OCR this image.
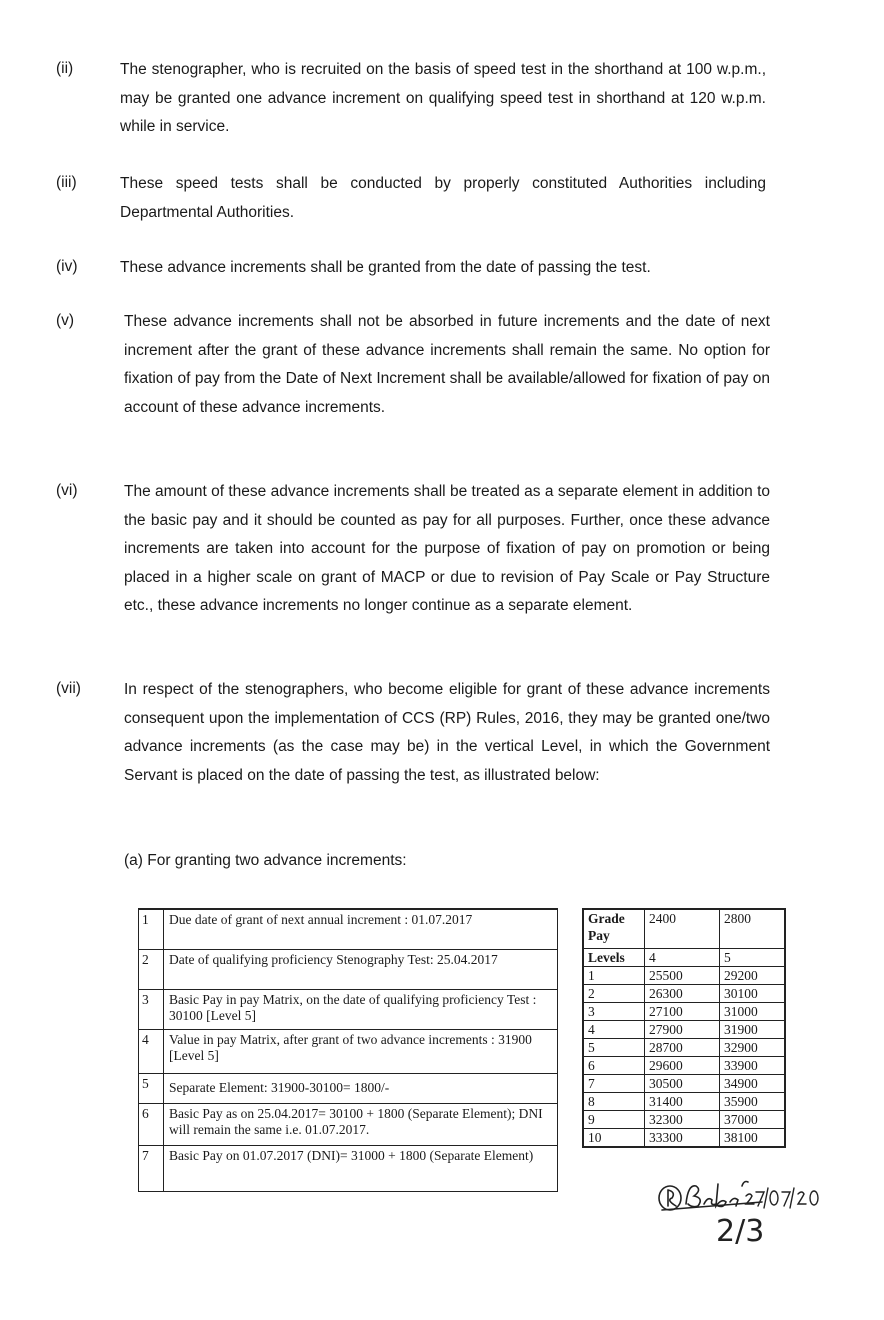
(ii)	The stenographer, who is recruited on the basis of speed test in the shorthand at 100 w.p.m., may be granted one advance increment on qualifying speed test in shorthand at 120 w.p.m. while in service.
(iii)	These speed tests shall be conducted by properly constituted Authorities including Departmental Authorities.
(iv)	These advance increments shall be granted from the date of passing the test.
(v)	These advance increments shall not be absorbed in future increments and the date of next increment after the grant of these advance increments shall remain the same. No option for fixation of pay from the Date of Next Increment shall be available/allowed for fixation of pay on account of these advance increments.
(vi)	The amount of these advance increments shall be treated as a separate element in addition to the basic pay and it should be counted as pay for all purposes. Further, once these advance increments are taken into account for the purpose of fixation of pay on promotion or being placed in a higher scale on grant of MACP or due to revision of Pay Scale or Pay Structure etc., these advance increments no longer continue as a separate element.
(vii)	In respect of the stenographers, who become eligible for grant of these advance increments consequent upon the implementation of CCS (RP) Rules, 2016, they may be granted one/two advance increments (as the case may be) in the vertical Level, in which the Government Servant is placed on the date of passing the test, as illustrated below:
(a) For granting two advance increments:
1	Due date of grant of next annual increment : 01.07.2017
2	Date of qualifying proficiency Stenography Test: 25.04.2017
3	Basic Pay in pay Matrix, on the date of qualifying proficiency Test : 30100 [Level 5]
4	Value in pay Matrix, after grant of two advance increments : 31900 [Level 5]
5	Separate Element: 31900-30100= 1800/-
6	Basic Pay as on 25.04.2017= 30100 + 1800 (Separate Element); DNI will remain the same i.e. 01.07.2017.
7	Basic Pay on 01.07.2017 (DNI)= 31000 + 1800 (Separate Element)
Grade Pay	2400	2800
Levels	4	5
1	25500	29200
2	26300	30100
3	27100	31000
4	27900	31900
5	28700	32900
6	29600	33900
7	30500	34900
8	31400	35900
9	32300	37000
10	33300	38100
2/3
